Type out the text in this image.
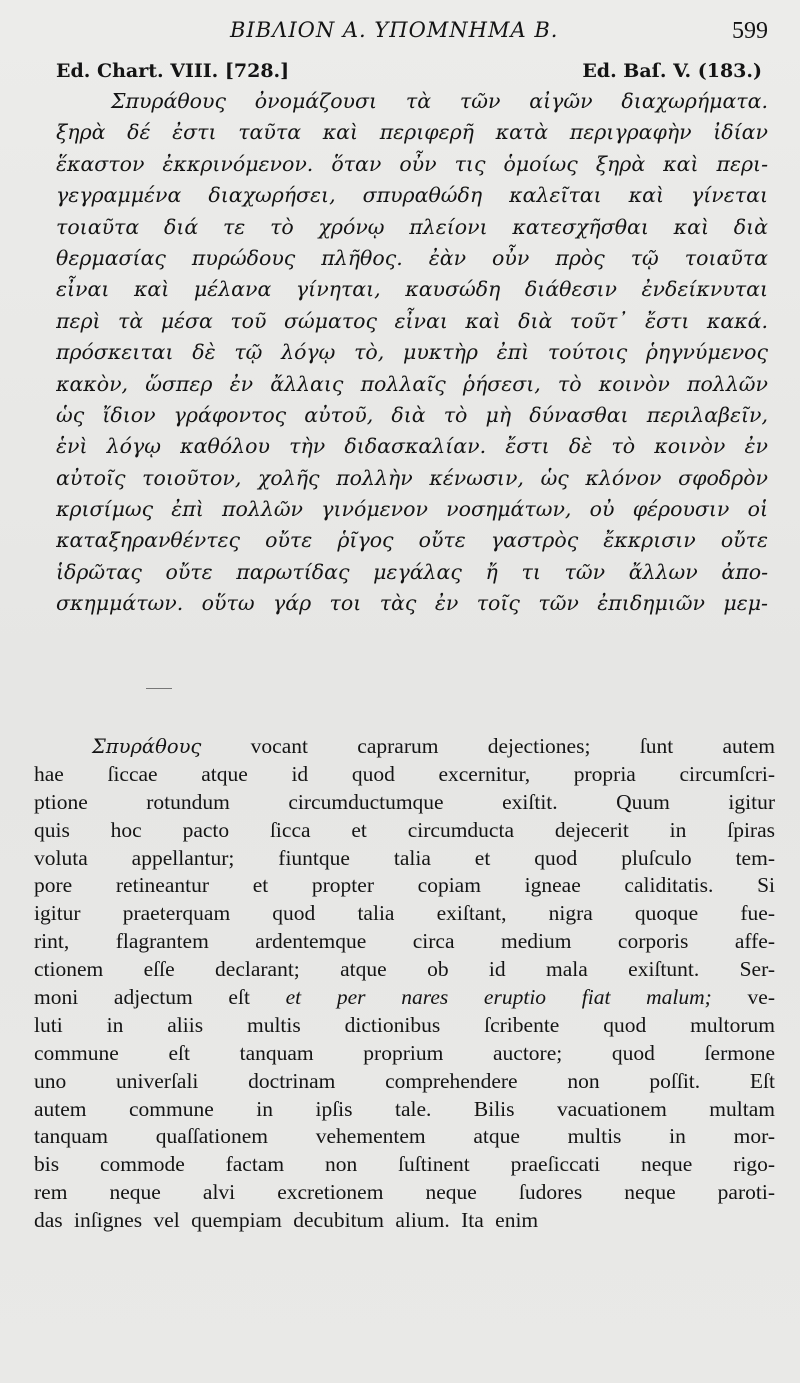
ΒΙΒΛΙΟΝ Α. ΥΠΟΜΝΗΜΑ Β.	599
Ed. Chart. VIII. [728.]	Ed. Baſ. V. (183.)
Σπυράθους ὀνομάζουσι τὰ τῶν αἰγῶν διαχωρήματα.
ξηρὰ δέ ἐστι ταῦτα καὶ περιφερῆ κατὰ περιγραφὴν ἰδίαν
ἕκαστον ἐκκρινόμενον. ὅταν οὖν τις ὁμοίως ξηρὰ καὶ περι-
γεγραμμένα διαχωρήσει, σπυραθώδη καλεῖται καὶ γίνεται
τοιαῦτα διά τε τὸ χρόνῳ πλείονι κατεσχῆσθαι καὶ διὰ
θερμασίας πυρώδους πλῆθος. ἐὰν οὖν πρὸς τῷ τοιαῦτα
εἶναι καὶ μέλανα γίνηται, καυσώδη διάθεσιν ἐνδείκνυται
περὶ τὰ μέσα τοῦ σώματος εἶναι καὶ διὰ τοῦτ᾽ ἔστι κακά.
πρόσκειται δὲ τῷ λόγῳ τὸ, μυκτὴρ ἐπὶ τούτοις ῥηγνύμενος
κακὸν, ὥσπερ ἐν ἄλλαις πολλαῖς ῥήσεσι, τὸ κοινὸν πολλῶν
ὡς ἴδιον γράφοντος αὐτοῦ, διὰ τὸ μὴ δύνασθαι περιλαβεῖν,
ἑνὶ λόγῳ καθόλου τὴν διδασκαλίαν. ἔστι δὲ τὸ κοινὸν ἐν
αὐτοῖς τοιοῦτον, χολῆς πολλὴν κένωσιν, ὡς κλόνον σφοδρὸν
κρισίμως ἐπὶ πολλῶν γινόμενον νοσημάτων, οὐ φέρουσιν οἱ
καταξηρανθέντες οὔτε ῥῖγος οὔτε γαστρὸς ἔκκρισιν οὔτε
ἱδρῶτας οὔτε παρωτίδας μεγάλας ἤ τι τῶν ἄλλων ἀπο-
σκημμάτων. οὕτω γάρ τοι τὰς ἐν τοῖς τῶν ἐπιδημιῶν μεμ-
Σπυράθους vocant caprarum dejectiones; ſunt autem
hae ſiccae atque id quod excernitur, propria circumſcri-
ptione rotundum circumductumque exiſtit. Quum igitur
quis hoc pacto ſicca et circumducta dejecerit in ſpiras
voluta appellantur; fiuntque talia et quod pluſculo tem-
pore retineantur et propter copiam igneae caliditatis. Si
igitur praeterquam quod talia exiſtant, nigra quoque fue-
rint, flagrantem ardentemque circa medium corporis affe-
ctionem eſſe declarant; atque ob id mala exiſtunt. Ser-
moni adjectum eſt et per nares eruptio fiat malum; ve-
luti in aliis multis dictionibus ſcribente quod multorum
commune eſt tanquam proprium auctore; quod ſermone
uno univerſali doctrinam comprehendere non poſſit. Eſt
autem commune in ipſis tale. Bilis vacuationem multam
tanquam quaſſationem vehementem atque multis in mor-
bis commode factam non ſuſtinent praeſiccati neque rigo-
rem neque alvi excretionem neque ſudores neque paroti-
das inſignes vel quempiam decubitum alium. Ita enim
